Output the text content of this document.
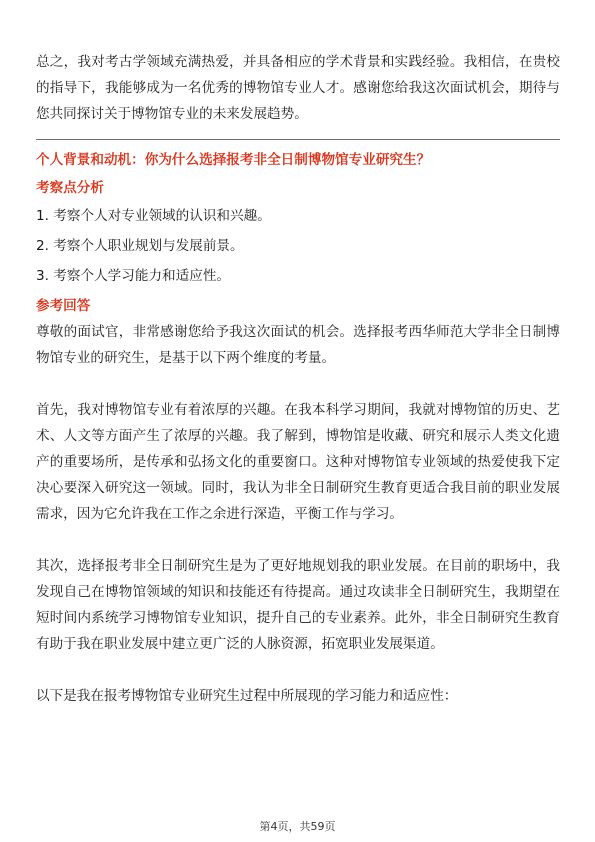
总之，我对考古学领域充满热爱，并具备相应的学术背景和实践经验。我相信，在贵校的指导下，我能够成为一名优秀的博物馆专业人才。感谢您给我这次面试机会，期待与您共同探讨关于博物馆专业的未来发展趋势。

个人背景和动机：你为什么选择报考非全日制博物馆专业研究生？

考察点分析

1. 考察个人对专业领域的认识和兴趣。
2. 考察个人职业规划与发展前景。
3. 考察个人学习能力和适应性。

参考回答

尊敬的面试官，非常感谢您给予我这次面试的机会。选择报考西华师范大学非全日制博物馆专业的研究生，是基于以下两个维度的考量。

首先，我对博物馆专业有着浓厚的兴趣。在我本科学习期间，我就对博物馆的历史、艺术、人文等方面产生了浓厚的兴趣。我了解到，博物馆是收藏、研究和展示人类文化遗产的重要场所，是传承和弘扬文化的重要窗口。这种对博物馆专业领域的热爱使我下定决心要深入研究这一领域。同时，我认为非全日制研究生教育更适合我目前的职业发展需求，因为它允许我在工作之余进行深造，平衡工作与学习。

其次，选择报考非全日制研究生是为了更好地规划我的职业发展。在目前的职场中，我发现自己在博物馆领域的知识和技能还有待提高。通过攻读非全日制研究生，我期望在短时间内系统学习博物馆专业知识，提升自己的专业素养。此外，非全日制研究生教育有助于我在职业发展中建立更广泛的人脉资源，拓宽职业发展渠道。

以下是我在报考博物馆专业研究生过程中所展现的学习能力和适应性：

第4页，共59页
